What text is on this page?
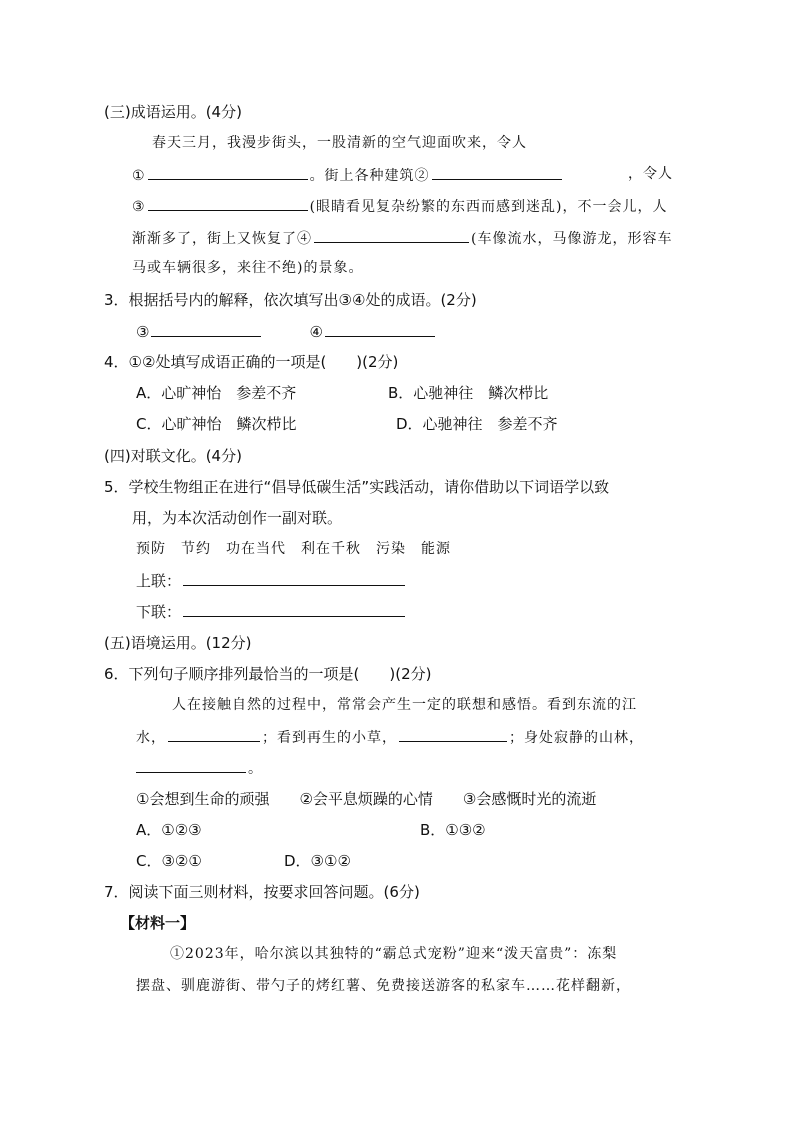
(三)成语运用。(4分)
春天三月，我漫步街头，一股清新的空气迎面吹来，令人
①	。街上各种建筑②	，令人
③	(眼睛看见复杂纷繁的东西而感到迷乱)，不一会儿，人
渐渐多了，街上又恢复了④	(车像流水，马像游龙，形容车
马或车辆很多，来往不绝)的景象。
3．根据括号内的解释，依次填写出③④处的成语。(2分)
③	④
4．①②处填写成语正确的一项是(　　)(2分)
A．心旷神怡　参差不齐	B．心驰神往　鳞次栉比
C．心旷神怡　鳞次栉比	D．心驰神往　参差不齐
(四)对联文化。(4分)
5．学校生物组正在进行“倡导低碳生活”实践活动，请你借助以下词语学以致
用，为本次活动创作一副对联。
预防　节约　功在当代　利在千秋　污染　能源
上联：
下联：
(五)语境运用。(12分)
6．下列句子顺序排列最恰当的一项是(　　)(2分)
人在接触自然的过程中，常常会产生一定的联想和感悟。看到东流的江
水，	；看到再生的小草，	；身处寂静的山林，
。
①会想到生命的顽强　　②会平息烦躁的心情　　③会感慨时光的流逝
A．①②③	B．①③②
C．③②①	D．③①②
7．阅读下面三则材料，按要求回答问题。(6分)
【材料一】
①2023年，哈尔滨以其独特的“霸总式宠粉”迎来“泼天富贵”：冻梨
摆盘、驯鹿游街、带勺子的烤红薯、免费接送游客的私家车……花样翻新，
